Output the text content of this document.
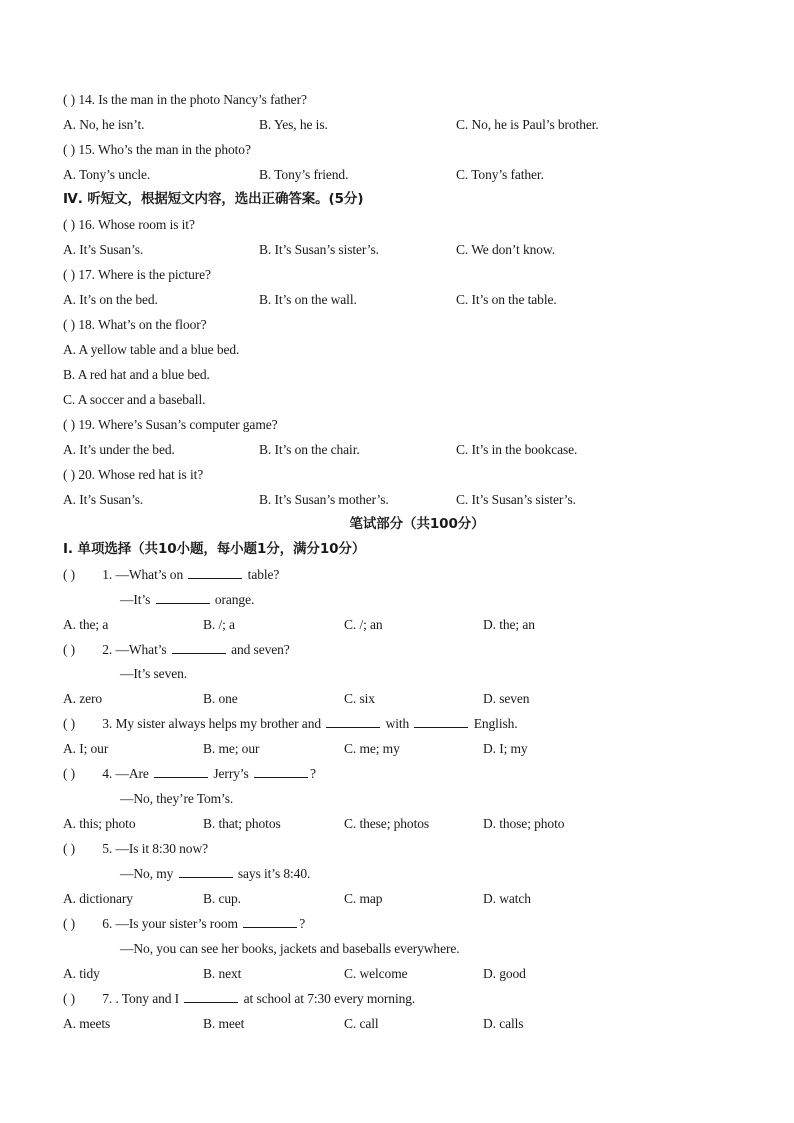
( ) 14. Is the man in the photo Nancy’s father?
A. No, he isn’t.	B. Yes, he is.	C. No, he is Paul’s brother.
( ) 15. Who’s the man in the photo?
A. Tony’s uncle.	B. Tony’s friend.	C. Tony’s father.
Ⅳ. 听短文，根据短文内容，选出正确答案。(5分)
( ) 16. Whose room is it?
A. It’s Susan’s.	B. It’s Susan’s sister’s.	C. We don’t know.
( ) 17. Where is the picture?
A. It’s on the bed.	B. It’s on the wall.	C. It’s on the table.
( ) 18. What’s on the floor?
A. A yellow table and a blue bed.
B. A red hat and a blue bed.
C. A soccer and a baseball.
( ) 19. Where’s Susan’s computer game?
A. It’s under the bed.	B. It’s on the chair.	C. It’s in the bookcase.
( ) 20. Whose red hat is it?
A. It’s Susan’s.	B. It’s Susan’s mother’s.	C. It’s Susan’s sister’s.
笔试部分（共100分）
Ⅰ. 单项选择（共10小题，每小题1分，满分10分）
( ) 1. —What’s on	table?
—It’s	orange.
A. the; a	B. /; a	C. /; an	D. the; an
( ) 2. —What’s	and seven?
—It’s seven.
A. zero	B. one	C. six	D. seven
( ) 3. My sister always helps my brother and	with	English.
A. I; our	B. me; our	C. me; my	D. I; my
( ) 4. —Are	Jerry’s	?
—No, they’re Tom’s.
A. this; photo	B. that; photos	C. these; photos	D. those; photo
( ) 5. —Is it 8:30 now?
—No, my	says it’s 8:40.
A. dictionary	B. cup.	C. map	D. watch
( ) 6. —Is your sister’s room	?
—No, you can see her books, jackets and baseballs everywhere.
A. tidy	B. next	C. welcome	D. good
( ) 7. . Tony and I	at school at 7:30 every morning.
A. meets	B. meet	C. call	D. calls
